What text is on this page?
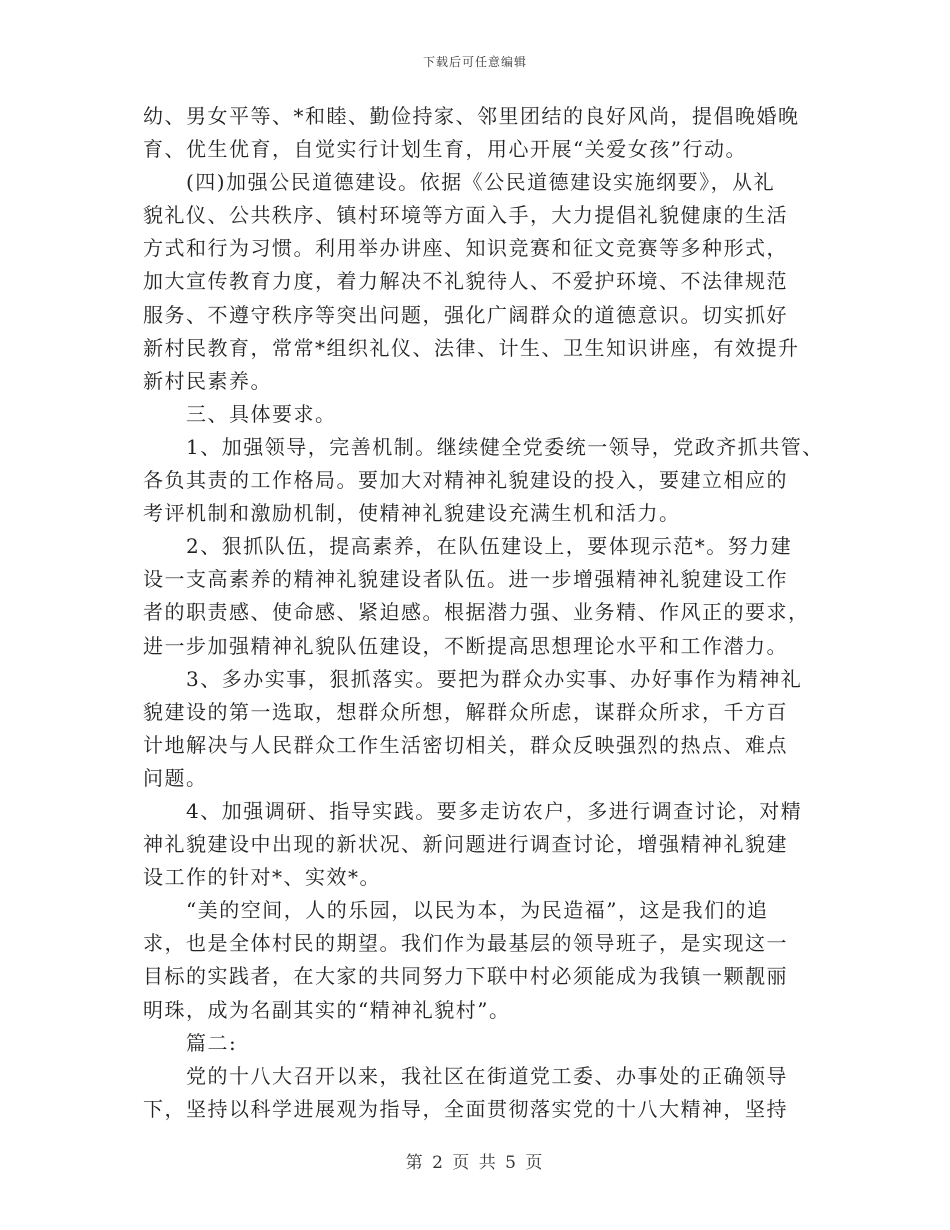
下载后可任意编辑
幼、男女平等、*和睦、勤俭持家、邻里团结的良好风尚，提倡晚婚晚
育、优生优育，自觉实行计划生育，用心开展“关爱女孩”行动。
　　(四)加强公民道德建设。依据《公民道德建设实施纲要》，从礼
貌礼仪、公共秩序、镇村环境等方面入手，大力提倡礼貌健康的生活
方式和行为习惯。利用举办讲座、知识竞赛和征文竞赛等多种形式，
加大宣传教育力度，着力解决不礼貌待人、不爱护环境、不法律规范
服务、不遵守秩序等突出问题，强化广阔群众的道德意识。切实抓好
新村民教育，常常*组织礼仪、法律、计生、卫生知识讲座，有效提升
新村民素养。
　　三、具体要求。
　　1、加强领导，完善机制。继续健全党委统一领导，党政齐抓共管、
各负其责的工作格局。要加大对精神礼貌建设的投入，要建立相应的
考评机制和激励机制，使精神礼貌建设充满生机和活力。
　　2、狠抓队伍，提高素养，在队伍建设上，要体现示范*。努力建
设一支高素养的精神礼貌建设者队伍。进一步增强精神礼貌建设工作
者的职责感、使命感、紧迫感。根据潜力强、业务精、作风正的要求，
进一步加强精神礼貌队伍建设，不断提高思想理论水平和工作潜力。
　　3、多办实事，狠抓落实。要把为群众办实事、办好事作为精神礼
貌建设的第一选取，想群众所想，解群众所虑，谋群众所求，千方百
计地解决与人民群众工作生活密切相关，群众反映强烈的热点、难点
问题。
　　4、加强调研、指导实践。要多走访农户，多进行调查讨论，对精
神礼貌建设中出现的新状况、新问题进行调查讨论，增强精神礼貌建
设工作的针对*、实效*。
　　“美的空间，人的乐园，以民为本，为民造福”，这是我们的追
求，也是全体村民的期望。我们作为最基层的领导班子，是实现这一
目标的实践者，在大家的共同努力下联中村必须能成为我镇一颗靓丽
明珠，成为名副其实的“精神礼貌村”。
　　篇二:
　　党的十八大召开以来，我社区在街道党工委、办事处的正确领导
下，坚持以科学进展观为指导，全面贯彻落实党的十八大精神，坚持
第 2 页 共 5 页
